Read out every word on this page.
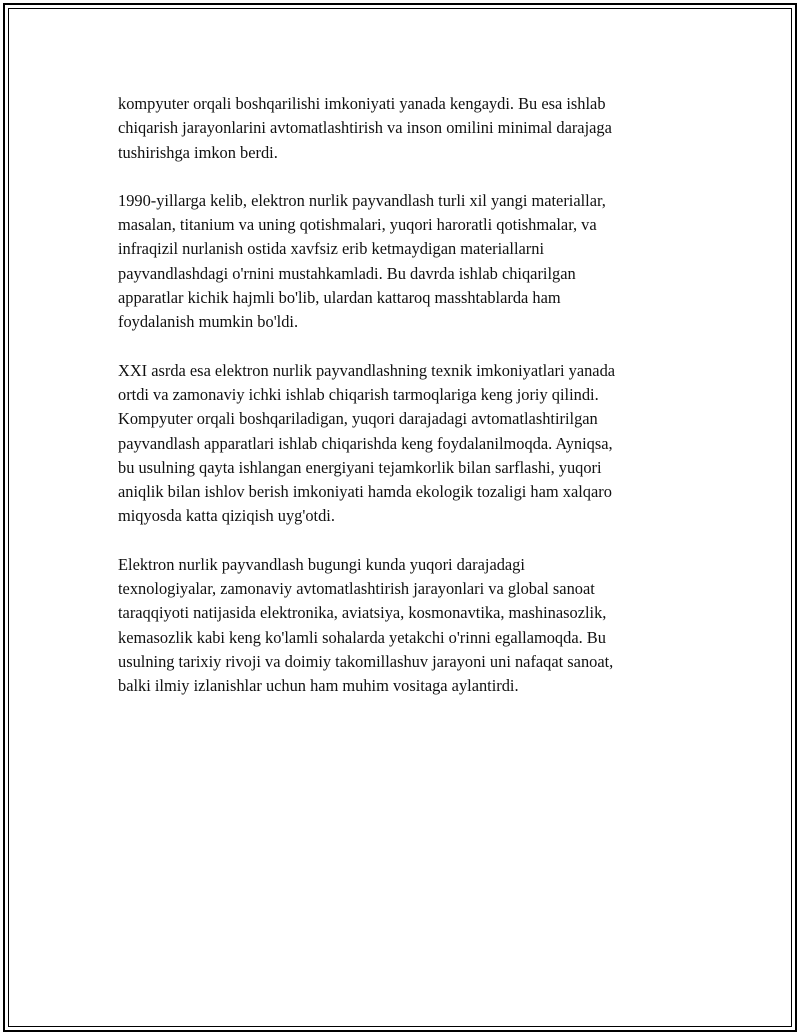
kompyuter orqali boshqarilishi imkoniyati yanada kengaydi. Bu esa ishlab
chiqarish jarayonlarini avtomatlashtirish va inson omilini minimal darajaga
tushirishga imkon berdi.

1990-yillarga kelib, elektron nurlik payvandlash turli xil yangi materiallar,
masalan, titanium va uning qotishmalari, yuqori haroratli qotishmalar, va
infraqizil nurlanish ostida xavfsiz erib ketmaydigan materiallarni
payvandlashdagi o'rnini mustahkamladi. Bu davrda ishlab chiqarilgan
apparatlar kichik hajmli bo'lib, ulardan kattaroq masshtablarda ham
foydalanish mumkin bo'ldi.

XXI asrda esa elektron nurlik payvandlashning texnik imkoniyatlari yanada
ortdi va zamonaviy ichki ishlab chiqarish tarmoqlariga keng joriy qilindi.
Kompyuter orqali boshqariladigan, yuqori darajadagi avtomatlashtirilgan
payvandlash apparatlari ishlab chiqarishda keng foydalanilmoqda. Ayniqsa,
bu usulning qayta ishlangan energiyani tejamkorlik bilan sarflashi, yuqori
aniqlik bilan ishlov berish imkoniyati hamda ekologik tozaligi ham xalqaro
miqyosda katta qiziqish uyg'otdi.

Elektron nurlik payvandlash bugungi kunda yuqori darajadagi
texnologiyalar, zamonaviy avtomatlashtirish jarayonlari va global sanoat
taraqqiyoti natijasida elektronika, aviatsiya, kosmonavtika, mashinasozlik,
kemasozlik kabi keng ko'lamli sohalarda yetakchi o'rinni egallamoqda. Bu
usulning tarixiy rivoji va doimiy takomillashuv jarayoni uni nafaqat sanoat,
balki ilmiy izlanishlar uchun ham muhim vositaga aylantirdi.
